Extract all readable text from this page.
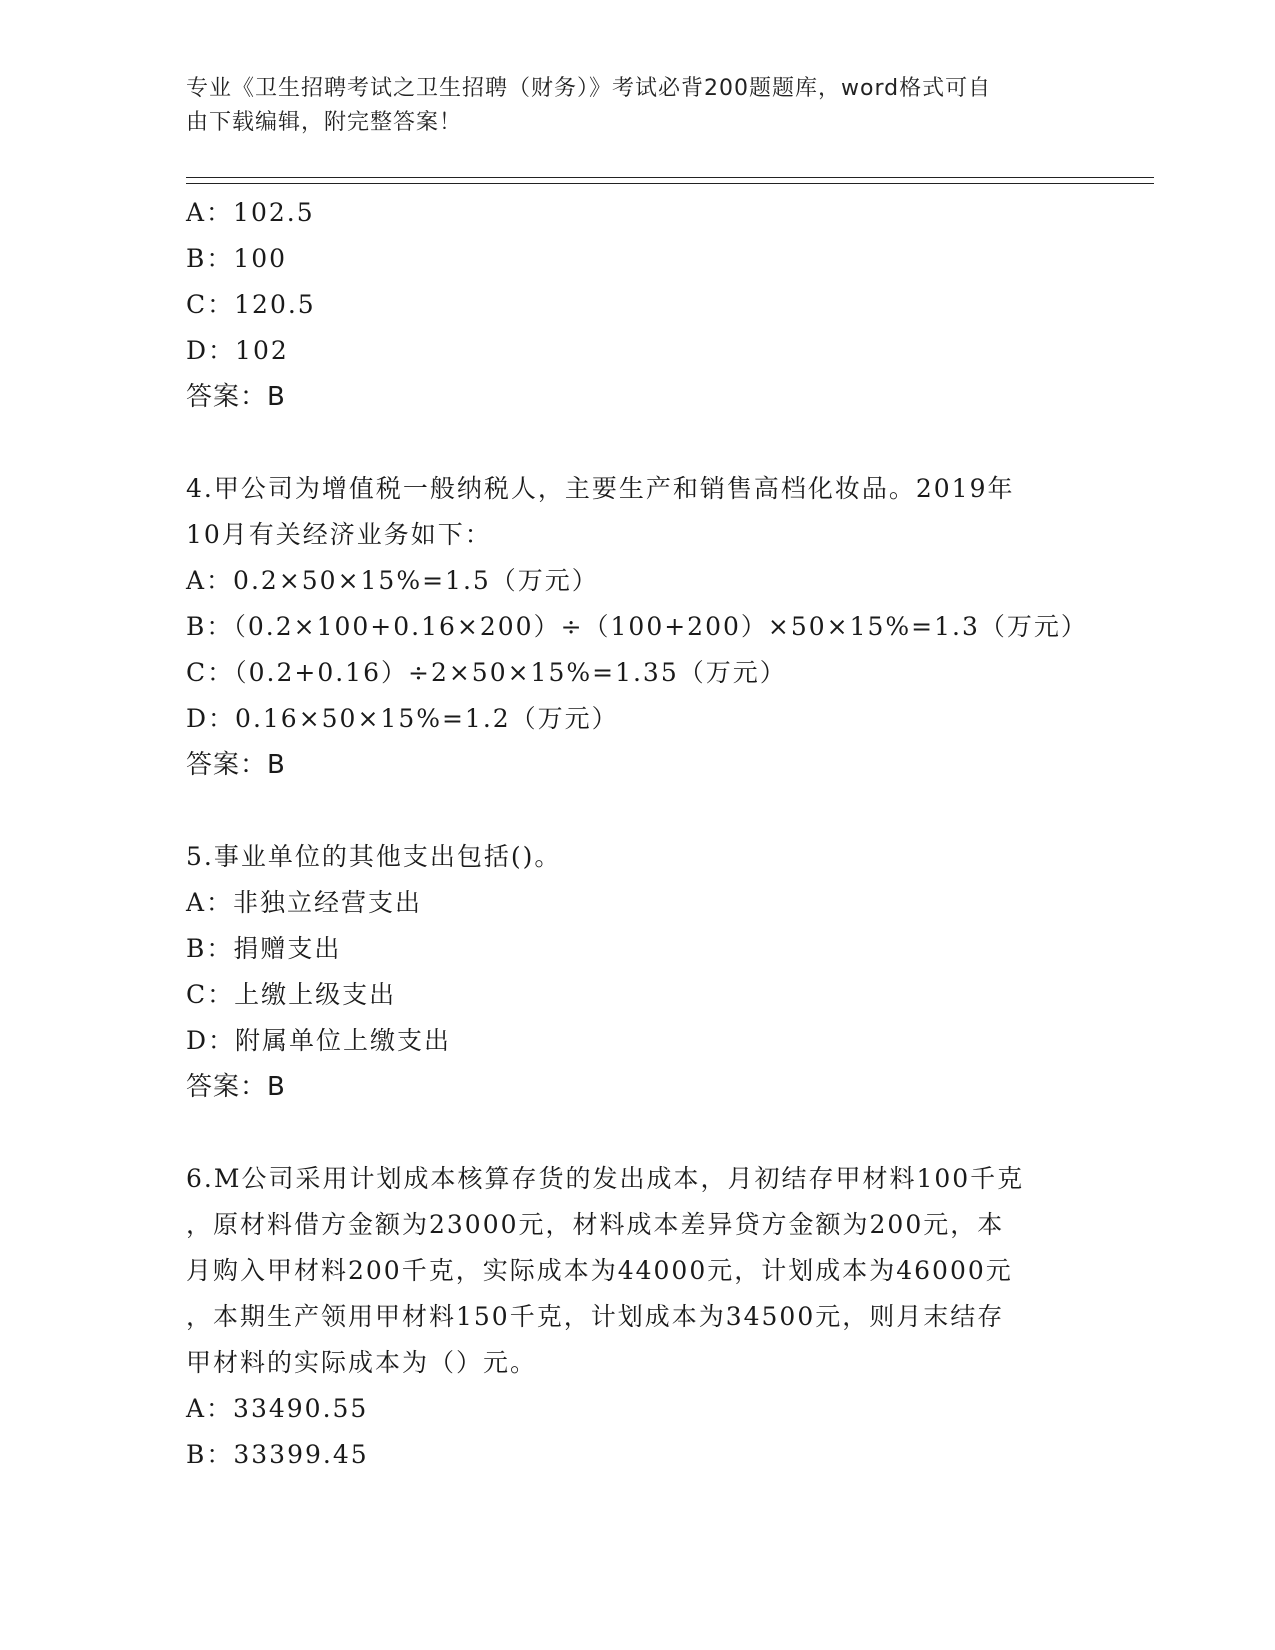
专业《卫生招聘考试之卫生招聘（财务）》考试必背200题题库，word格式可自
由下载编辑，附完整答案！
A：102.5
B：100
C：120.5
D：102
答案：B
4.甲公司为增值税一般纳税人，主要生产和销售高档化妆品。2019年
10月有关经济业务如下：
A：0.2×50×15%=1.5（万元）
B：（0.2×100+0.16×200）÷（100+200）×50×15%=1.3（万元）
C：（0.2+0.16）÷2×50×15%=1.35（万元）
D：0.16×50×15%=1.2（万元）
答案：B
5.事业单位的其他支出包括()。
A：非独立经营支出
B：捐赠支出
C：上缴上级支出
D：附属单位上缴支出
答案：B
6.M公司采用计划成本核算存货的发出成本，月初结存甲材料100千克
，原材料借方金额为23000元，材料成本差异贷方金额为200元，本
月购入甲材料200千克，实际成本为44000元，计划成本为46000元
，本期生产领用甲材料150千克，计划成本为34500元，则月末结存
甲材料的实际成本为（）元。
A：33490.55
B：33399.45
